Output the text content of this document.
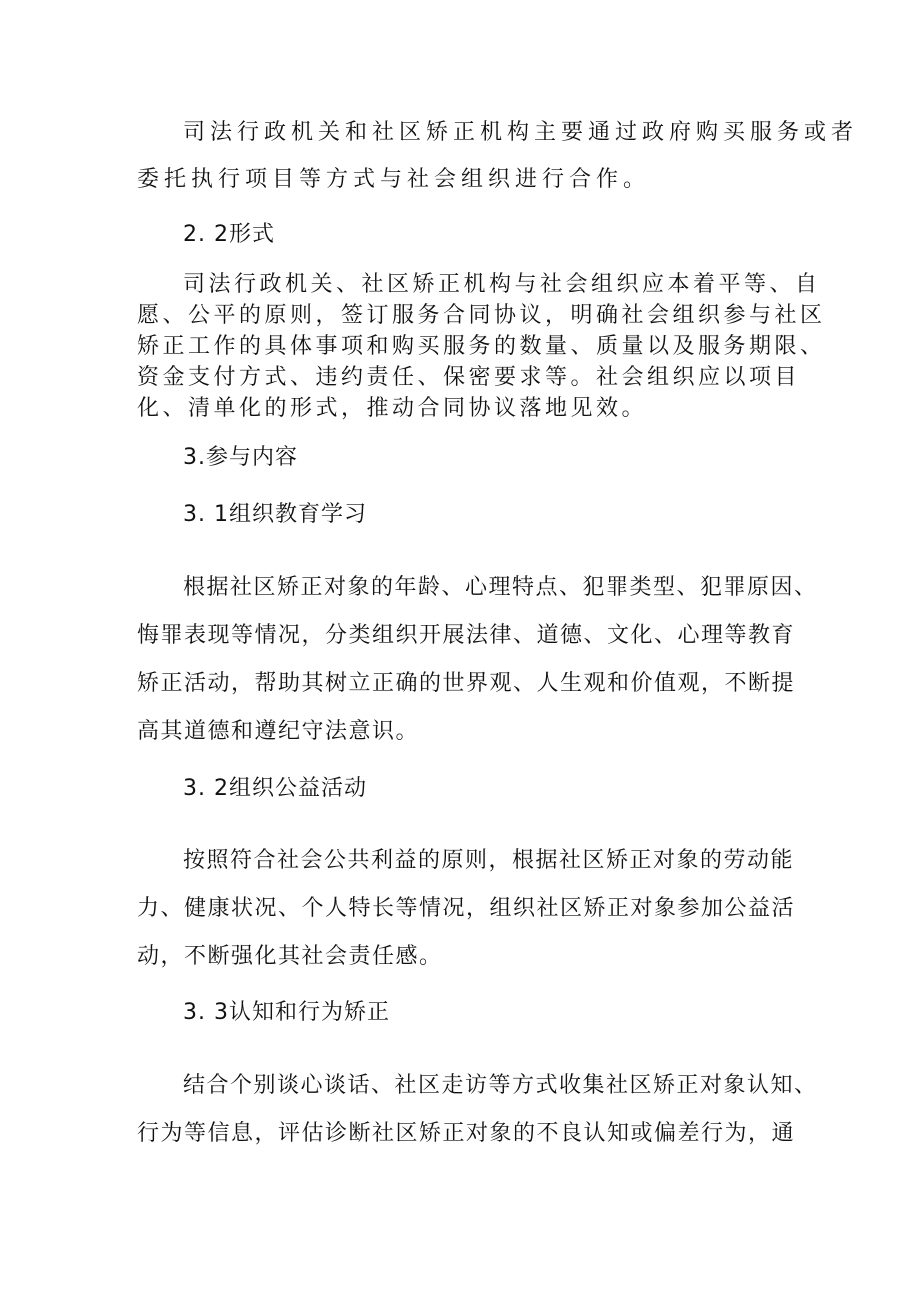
司法行政机关和社区矫正机构主要通过政府购买服务或者
委托执行项目等方式与社会组织进行合作。
2. 2形式
司法行政机关、社区矫正机构与社会组织应本着平等、自
愿、公平的原则，签订服务合同协议，明确社会组织参与社区
矫正工作的具体事项和购买服务的数量、质量以及服务期限、
资金支付方式、违约责任、保密要求等。社会组织应以项目
化、清单化的形式，推动合同协议落地见效。
3.参与内容
3. 1组织教育学习
根据社区矫正对象的年龄、心理特点、犯罪类型、犯罪原因、
悔罪表现等情况，分类组织开展法律、道德、文化、心理等教育
矫正活动，帮助其树立正确的世界观、人生观和价值观，不断提
高其道德和遵纪守法意识。
3. 2组织公益活动
按照符合社会公共利益的原则，根据社区矫正对象的劳动能
力、健康状况、个人特长等情况，组织社区矫正对象参加公益活
动，不断强化其社会责任感。
3. 3认知和行为矫正
结合个别谈心谈话、社区走访等方式收集社区矫正对象认知、
行为等信息，评估诊断社区矫正对象的不良认知或偏差行为，通
